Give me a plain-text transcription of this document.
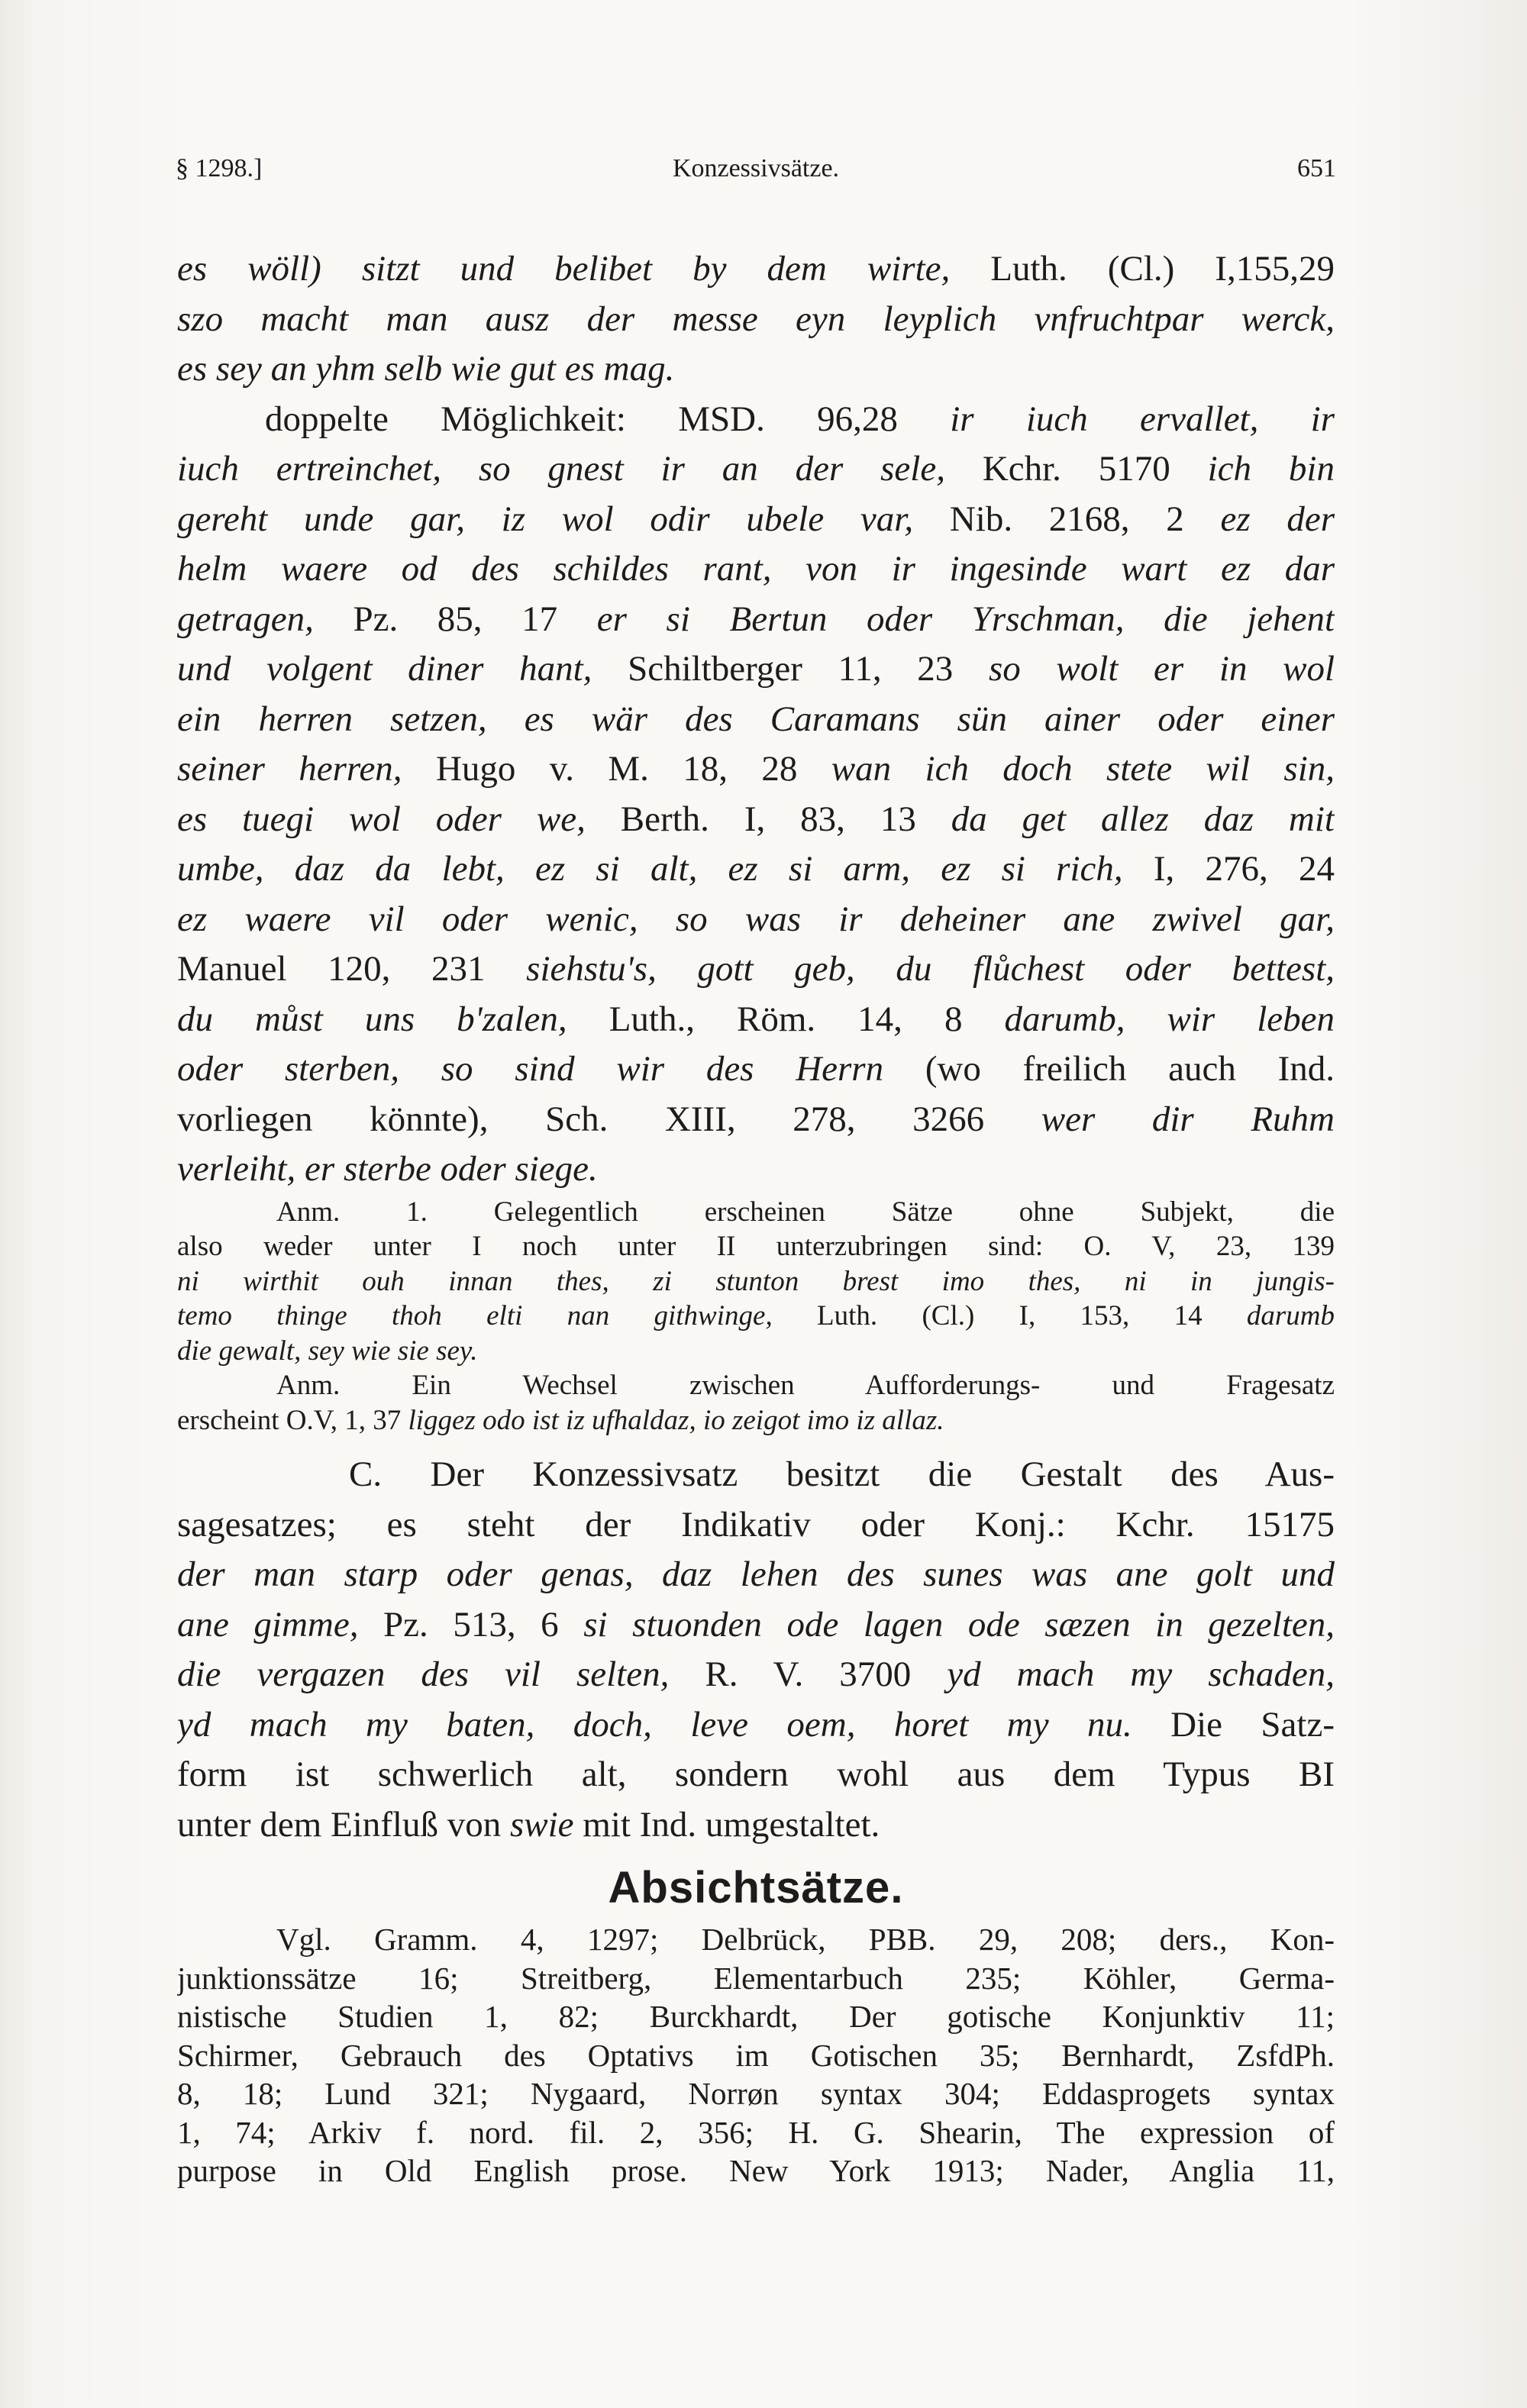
§ 1298.]	Konzessivsätze.	651
es wöll) sitzt und belibet by dem wirte, Luth. (Cl.) I,155,29
szo macht man ausz der messe eyn leyplich vnfruchtpar werck,
es sey an yhm selb wie gut es mag.
doppelte Möglichkeit: MSD. 96,28 ir iuch ervallet, ir
iuch ertreinchet, so gnest ir an der sele, Kchr. 5170 ich bin
gereht unde gar, iz wol odir ubele var, Nib. 2168, 2 ez der
helm waere od des schildes rant, von ir ingesinde wart ez dar
getragen, Pz. 85, 17 er si Bertun oder Yrschman, die jehent
und volgent diner hant, Schiltberger 11, 23 so wolt er in wol
ein herren setzen, es wär des Caramans sün ainer oder einer
seiner herren, Hugo v. M. 18, 28 wan ich doch stete wil sin,
es tuegi wol oder we, Berth. I, 83, 13 da get allez daz mit
umbe, daz da lebt, ez si alt, ez si arm, ez si rich, I, 276, 24
ez waere vil oder wenic, so was ir deheiner ane zwivel gar,
Manuel 120, 231 siehstu's, gott geb, du flůchest oder bettest,
du můst uns b'zalen, Luth., Röm. 14, 8 darumb, wir leben
oder sterben, so sind wir des Herrn (wo freilich auch Ind.
vorliegen könnte), Sch. XIII, 278, 3266 wer dir Ruhm
verleiht, er sterbe oder siege.
Anm. 1. Gelegentlich erscheinen Sätze ohne Subjekt, die
also weder unter I noch unter II unterzubringen sind: O. V, 23, 139
ni wirthit ouh innan thes, zi stunton brest imo thes, ni in jungis-
temo thinge thoh elti nan githwinge, Luth. (Cl.) I, 153, 14 darumb
die gewalt, sey wie sie sey.
Anm. Ein Wechsel zwischen Aufforderungs- und Fragesatz
erscheint O.V, 1, 37 liggez odo ist iz ufhaldaz, io zeigot imo iz allaz.
C. Der Konzessivsatz besitzt die Gestalt des Aus-
sagesatzes; es steht der Indikativ oder Konj.: Kchr. 15175
der man starp oder genas, daz lehen des sunes was ane golt und
ane gimme, Pz. 513, 6 si stuonden ode lagen ode sæzen in gezelten,
die vergazen des vil selten, R. V. 3700 yd mach my schaden,
yd mach my baten, doch, leve oem, horet my nu. Die Satz-
form ist schwerlich alt, sondern wohl aus dem Typus BI
unter dem Einfluß von swie mit Ind. umgestaltet.
Absichtsätze.
Vgl. Gramm. 4, 1297; Delbrück, PBB. 29, 208; ders., Kon-
junktionssätze 16; Streitberg, Elementarbuch 235; Köhler, Germa-
nistische Studien 1, 82; Burckhardt, Der gotische Konjunktiv 11;
Schirmer, Gebrauch des Optativs im Gotischen 35; Bernhardt, ZsfdPh.
8, 18; Lund 321; Nygaard, Norrøn syntax 304; Eddasprogets syntax
1, 74; Arkiv f. nord. fil. 2, 356; H. G. Shearin, The expression of
purpose in Old English prose. New York 1913; Nader, Anglia 11,
